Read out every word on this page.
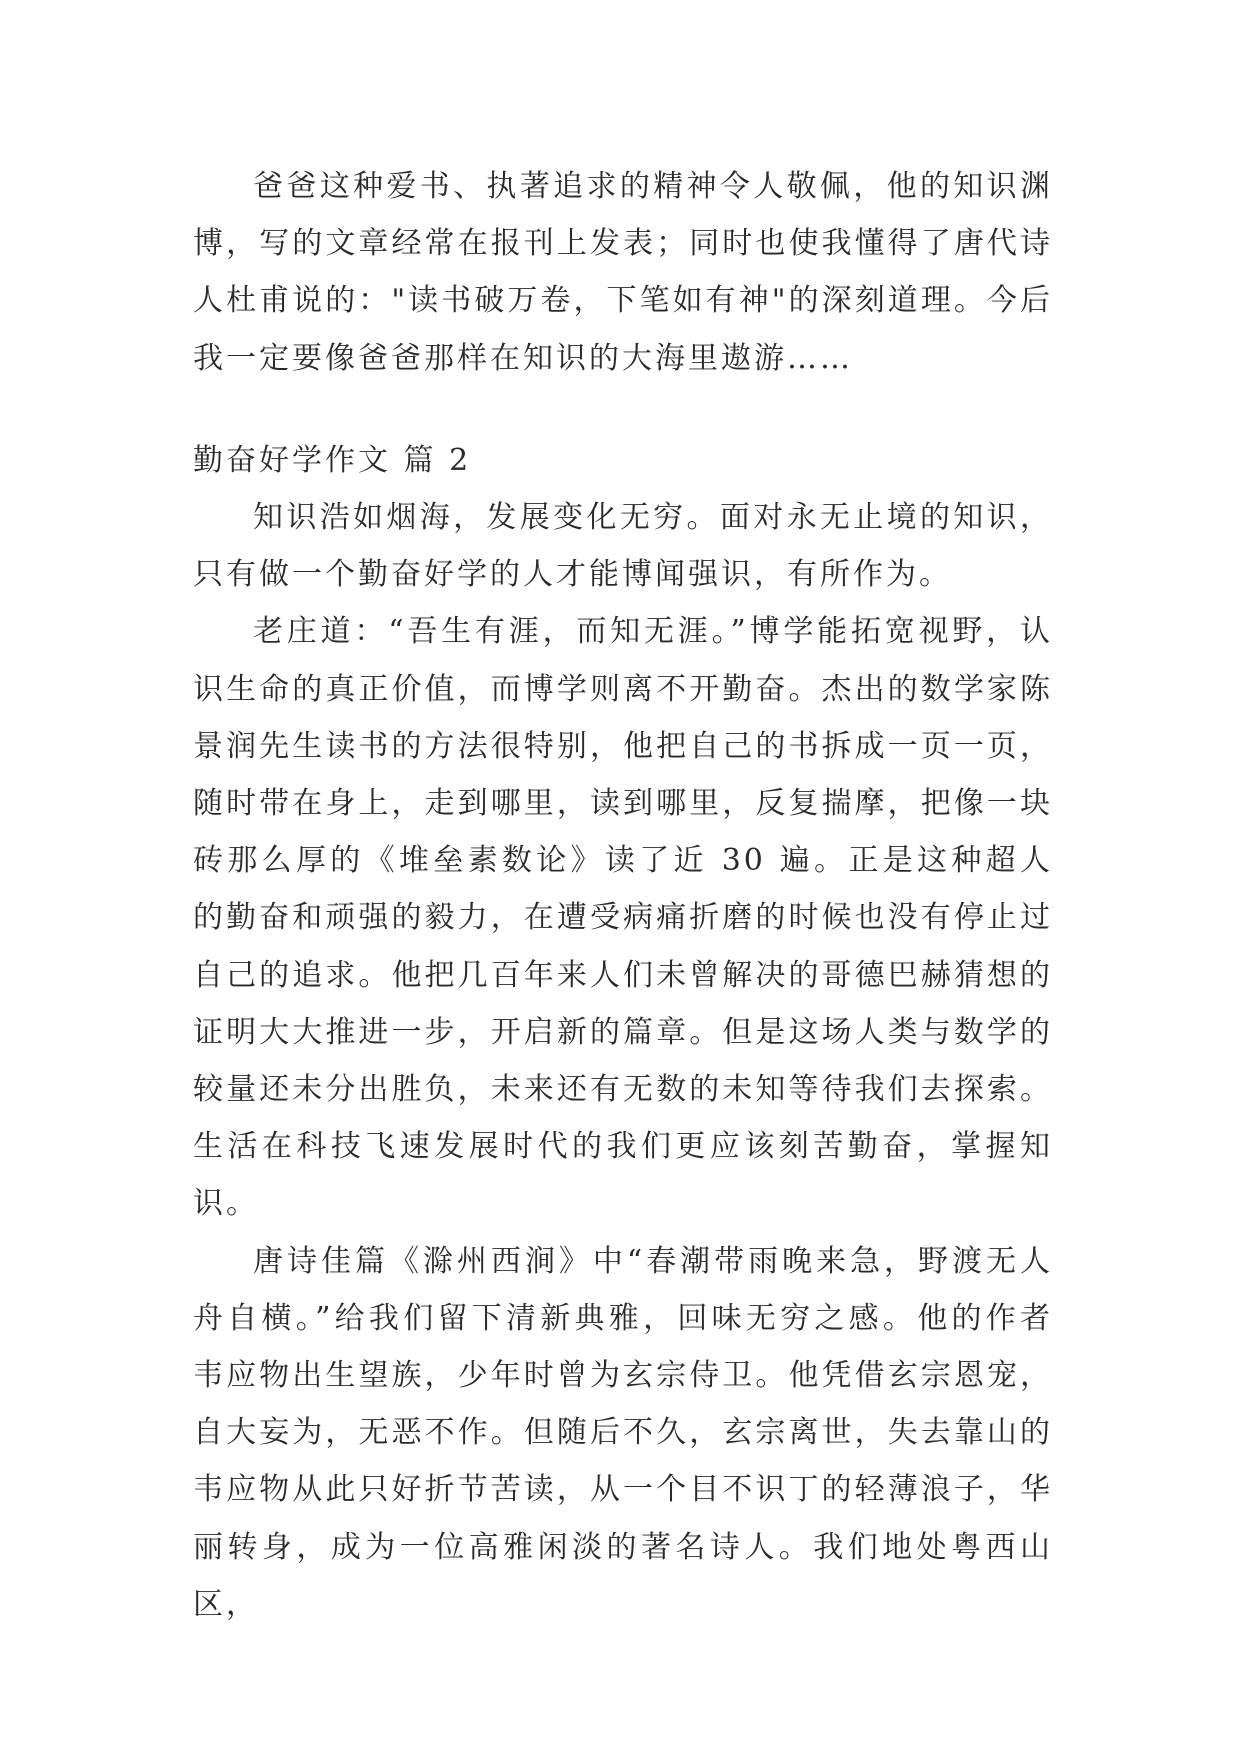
爸爸这种爱书、执著追求的精神令人敬佩，他的知识渊博，写的文章经常在报刊上发表；同时也使我懂得了唐代诗人杜甫说的："读书破万卷，下笔如有神"的深刻道理。今后我一定要像爸爸那样在知识的大海里遨游……

勤奋好学作文 篇 2

知识浩如烟海，发展变化无穷。面对永无止境的知识，只有做一个勤奋好学的人才能博闻强识，有所作为。

老庄道：“吾生有涯，而知无涯。”博学能拓宽视野，认识生命的真正价值，而博学则离不开勤奋。杰出的数学家陈景润先生读书的方法很特别，他把自己的书拆成一页一页，随时带在身上，走到哪里，读到哪里，反复揣摩，把像一块砖那么厚的《堆垒素数论》读了近 30 遍。正是这种超人的勤奋和顽强的毅力，在遭受病痛折磨的时候也没有停止过自己的追求。他把几百年来人们未曾解决的哥德巴赫猜想的证明大大推进一步，开启新的篇章。但是这场人类与数学的较量还未分出胜负，未来还有无数的未知等待我们去探索。生活在科技飞速发展时代的我们更应该刻苦勤奋，掌握知识。

唐诗佳篇《滁州西涧》中“春潮带雨晚来急，野渡无人舟自横。”给我们留下清新典雅，回味无穷之感。他的作者韦应物出生望族，少年时曾为玄宗侍卫。他凭借玄宗恩宠，自大妄为，无恶不作。但随后不久，玄宗离世，失去靠山的韦应物从此只好折节苦读，从一个目不识丁的轻薄浪子，华丽转身，成为一位高雅闲淡的著名诗人。我们地处粤西山区，
